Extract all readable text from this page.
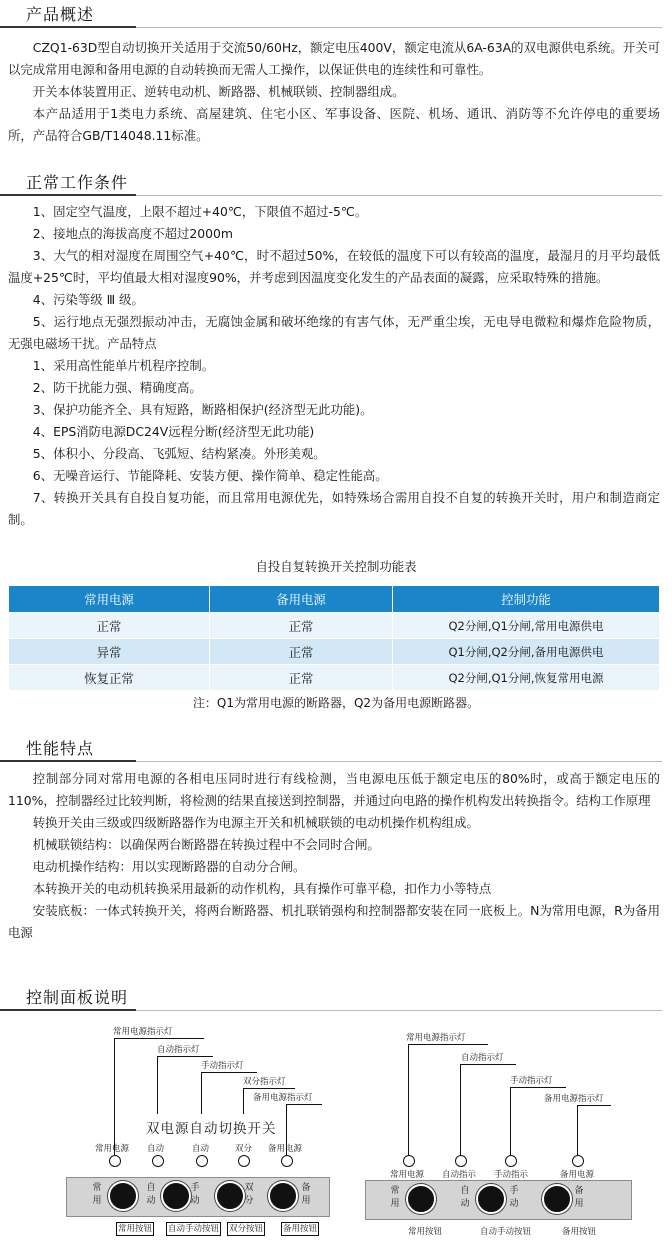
产品概述

CZQ1-63D型自动切换开关适用于交流50/60Hz，额定电压400V，额定电流从6A-63A的双电源供电系统。开关可以完成常用电源和备用电源的自动转换而无需人工操作，以保证供电的连续性和可靠性。

开关本体装置用正、逆转电动机、断路器、机械联锁、控制器组成。

本产品适用于1类电力系统、高屋建筑、住宅小区、军事设备、医院、机场、通讯、消防等不允许停电的重要场所，产品符合GB/T14048.11标准。

正常工作条件

1、固定空气温度，上限不超过+40℃，下限值不超过-5℃。

2、接地点的海拔高度不超过2000m

3、大气的相对湿度在周围空气+40℃，时不超过50%，在较低的温度下可以有较高的温度，最湿月的月平均最低温度+25℃时，平均值最大相对湿度90%，并考虑到因温度变化发生的产品表面的凝露，应采取特殊的措施。

4、污染等级 Ⅲ 级。

5、运行地点无强烈振动冲击，无腐蚀金属和破坏绝缘的有害气体，无严重尘埃，无电导电微粒和爆炸危险物质，无强电磁场干扰。产品特点

1、采用高性能单片机程序控制。

2、防干扰能力强、精确度高。

3、保护功能齐全、具有短路，断路相保护(经济型无此功能)。

4、EPS消防电源DC24V远程分断(经济型无此功能)

5、体积小、分段高、飞弧短、结构紧凑。外形美观。

6、无噪音运行、节能降耗、安装方便、操作简单、稳定性能高。

7、转换开关具有自投自复功能，而且常用电源优先，如特殊场合需用自投不自复的转换开关时，用户和制造商定制。

自投自复转换开关控制功能表
常用电源	备用电源	控制功能
正常	正常	Q2分闸,Q1分闸,常用电源供电
异常	正常	Q1分闸,Q2分闸,备用电源供电
恢复正常	正常	Q2分闸,Q1分闸,恢复常用电源
注：Q1为常用电源的断路器，Q2为备用电源断路器。
性能特点

控制部分同对常用电源的各相电压同时进行有线检测，当电源电压低于额定电压的80%时，或高于额定电压的110%，控制器经过比较判断，将检测的结果直接送到控制器，并通过向电路的操作机构发出转换指令。结构工作原理

转换开关由三级或四级断路器作为电源主开关和机械联锁的电动机操作机构组成。

机械联锁结构：以确保两台断路器在转换过程中不会同时合闸。

电动机操作结构：用以实现断路器的自动分合闸。

本转换开关的电动机转换采用最新的动作机构，具有操作可靠平稳，扣作力小等特点

安装底板：一体式转换开关，将两台断路器、机扎联销强构和控制器都安装在同一底板上。N为常用电源，R为备用电源

控制面板说明
常用电源指示灯
自动指示灯
手动指示灯
双分指示灯
备用电源指示灯
双电源自动切换开关
常用电源 自动	自动	双分 备用电源
常
用
自
动
手
动
双
分
备
用
常用按钮 自动手动按钮 双分按钮 备用按钮
常用电源指示灯
自动指示灯
手动指示灯
备用电源指示灯
常用电源 自动指示 手动指示	备用电源
常
用
自
动
手
动
备
用
常用按钮	自动手动按钮	备用按钮
